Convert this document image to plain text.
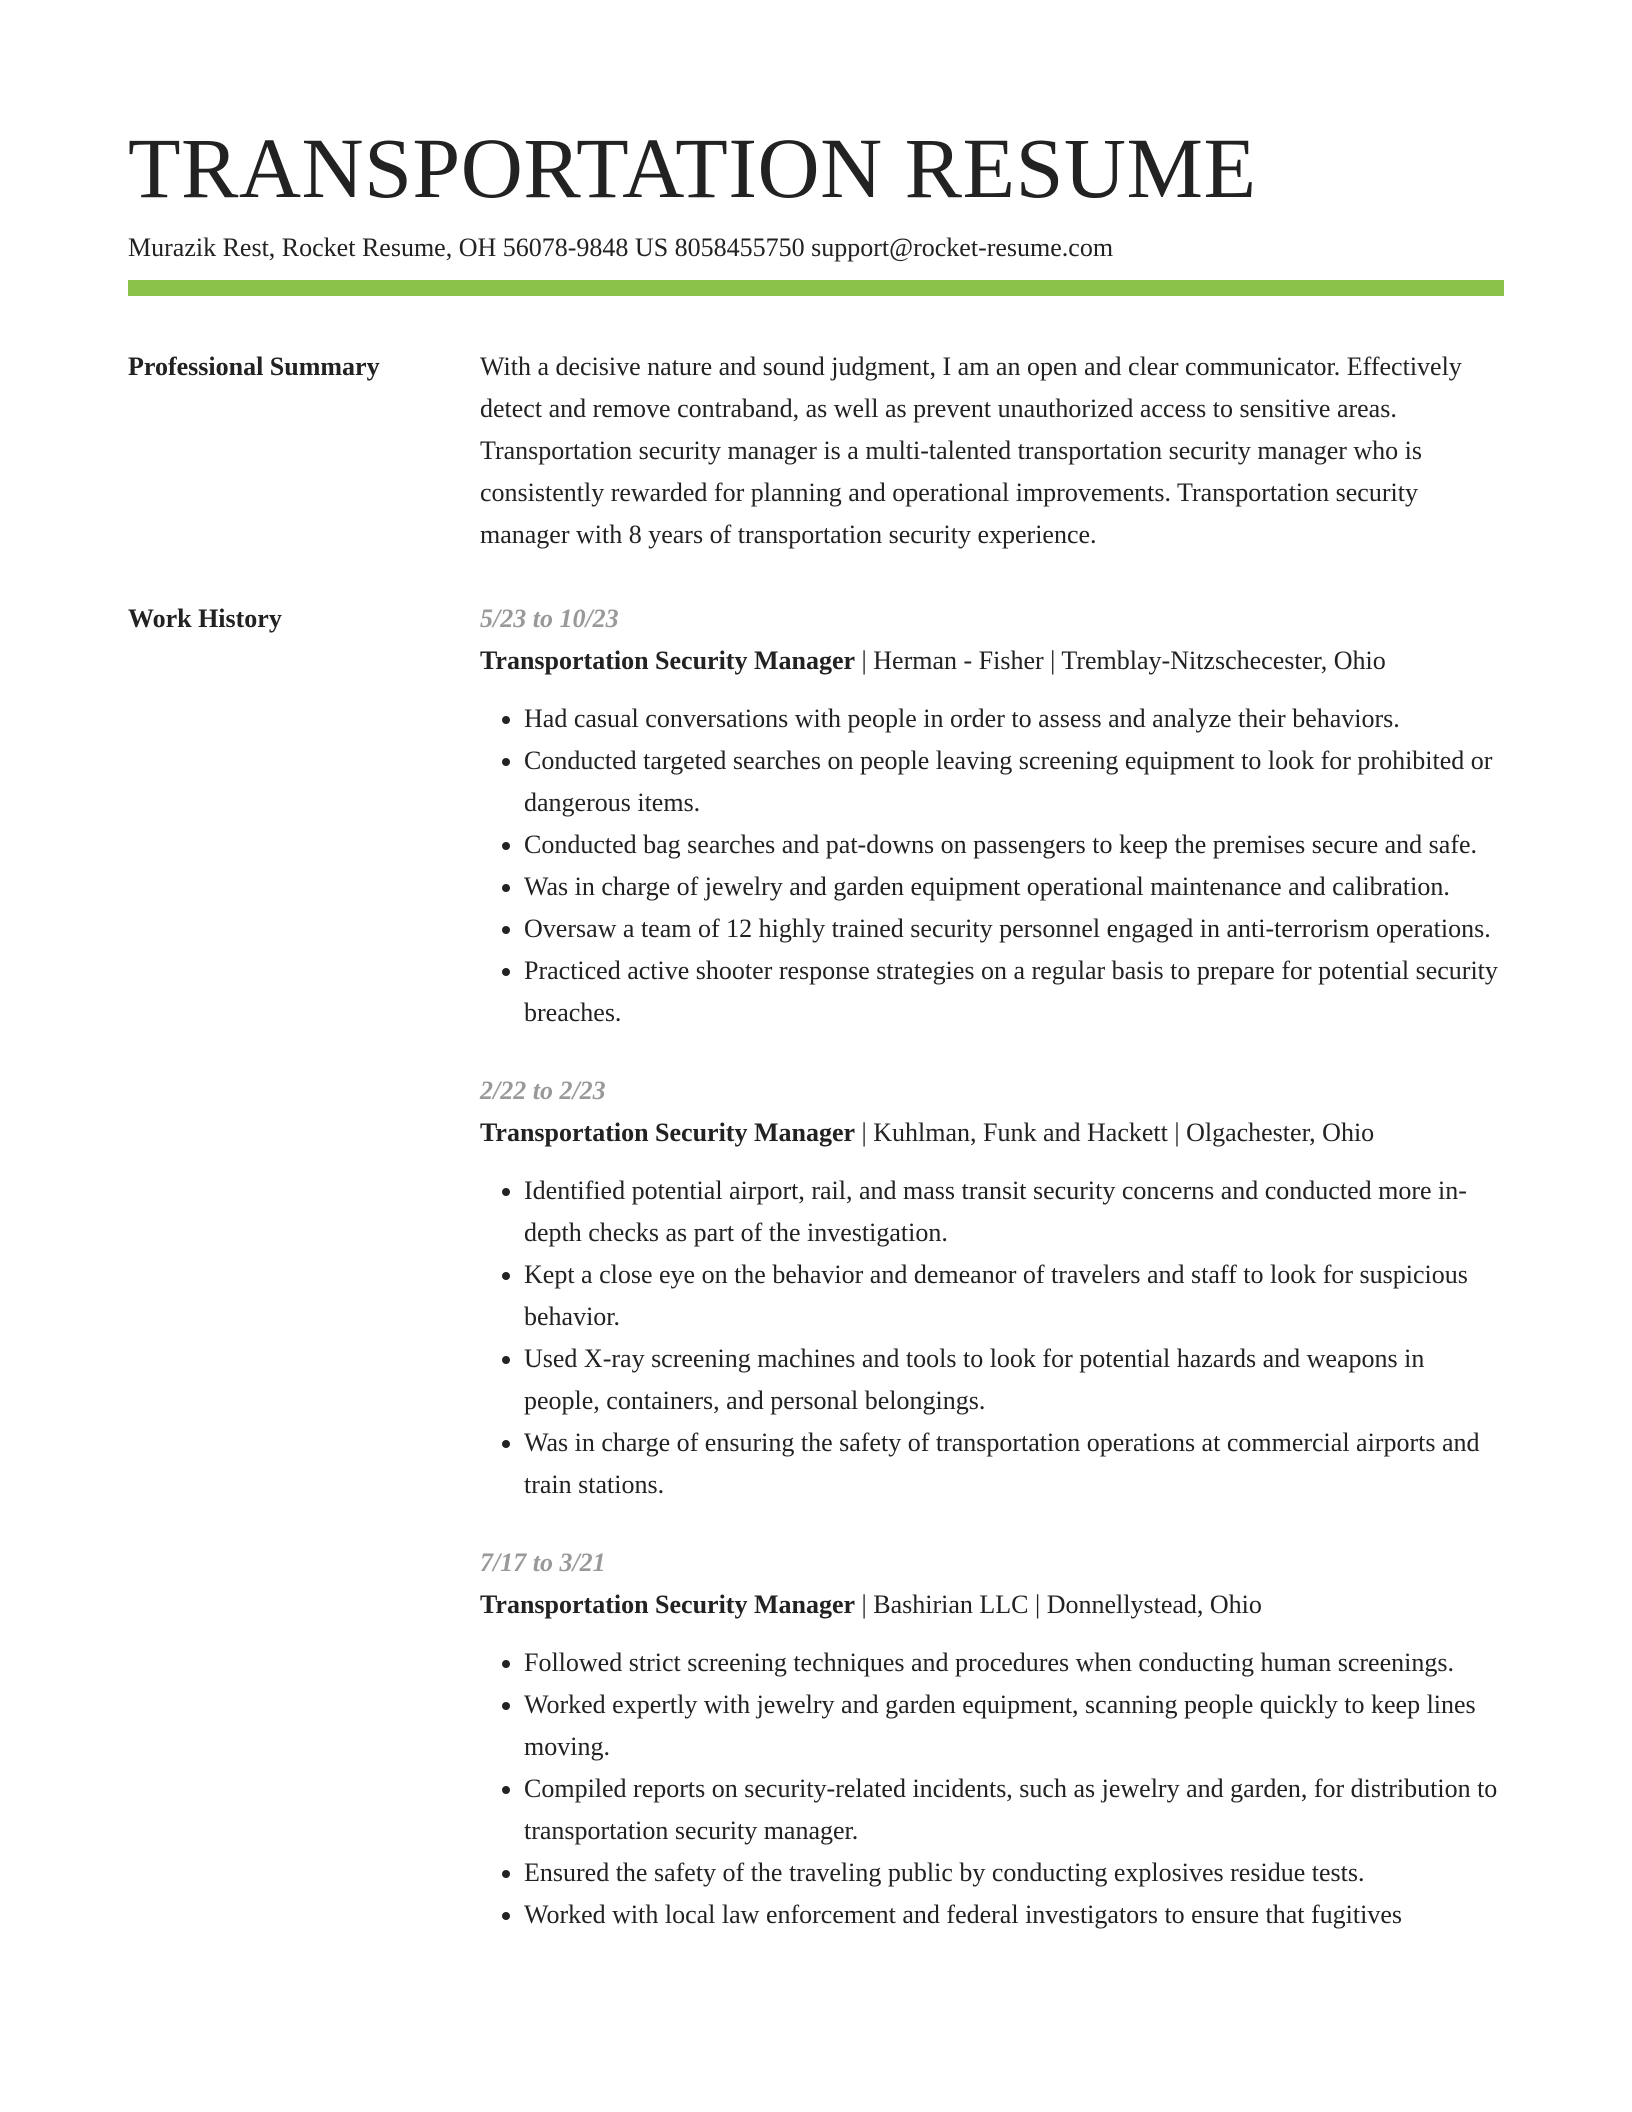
TRANSPORTATION RESUME
Murazik Rest, Rocket Resume, OH 56078-9848 US 8058455750 support@rocket-resume.com
Professional Summary	With a decisive nature and sound judgment, I am an open and clear communicator. Effectively detect and remove contraband, as well as prevent unauthorized access to sensitive areas. Transportation security manager is a multi-talented transportation security manager who is consistently rewarded for planning and operational improvements. Transportation security manager with 8 years of transportation security experience.
Work History	5/23 to 10/23
Transportation Security Manager | Herman - Fisher | Tremblay-Nitzschecester, Ohio
• Had casual conversations with people in order to assess and analyze their behaviors.
• Conducted targeted searches on people leaving screening equipment to look for prohibited or dangerous items.
• Conducted bag searches and pat-downs on passengers to keep the premises secure and safe.
• Was in charge of jewelry and garden equipment operational maintenance and calibration.
• Oversaw a team of 12 highly trained security personnel engaged in anti-terrorism operations.
• Practiced active shooter response strategies on a regular basis to prepare for potential security breaches.
2/22 to 2/23
Transportation Security Manager | Kuhlman, Funk and Hackett | Olgachester, Ohio
• Identified potential airport, rail, and mass transit security concerns and conducted more in-depth checks as part of the investigation.
• Kept a close eye on the behavior and demeanor of travelers and staff to look for suspicious behavior.
• Used X-ray screening machines and tools to look for potential hazards and weapons in people, containers, and personal belongings.
• Was in charge of ensuring the safety of transportation operations at commercial airports and train stations.
7/17 to 3/21
Transportation Security Manager | Bashirian LLC | Donnellystead, Ohio
• Followed strict screening techniques and procedures when conducting human screenings.
• Worked expertly with jewelry and garden equipment, scanning people quickly to keep lines moving.
• Compiled reports on security-related incidents, such as jewelry and garden, for distribution to transportation security manager.
• Ensured the safety of the traveling public by conducting explosives residue tests.
• Worked with local law enforcement and federal investigators to ensure that fugitives
